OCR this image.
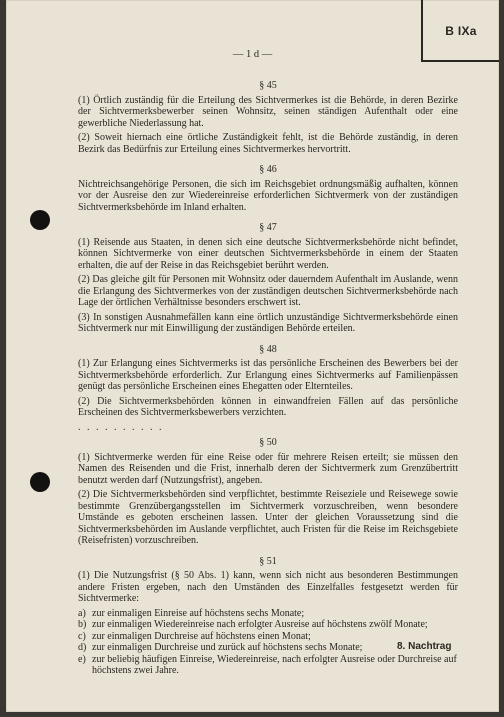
B IXa
— 1 d —
§ 45

(1) Örtlich zuständig für die Erteilung des Sichtvermerkes ist die Behörde, in deren Bezirke der Sichtvermerksbewerber seinen Wohnsitz, seinen ständigen Aufenthalt oder eine gewerbliche Niederlassung hat.

(2) Soweit hiernach eine örtliche Zuständigkeit fehlt, ist die Behörde zuständig, in deren Bezirk das Bedürfnis zur Erteilung eines Sichtvermerkes hervortritt.

§ 46

Nichtreichsangehörige Personen, die sich im Reichsgebiet ordnungsmäßig aufhalten, können vor der Ausreise den zur Wiedereinreise erforderlichen Sichtvermerk von der zuständigen Sichtvermerksbehörde im Inland erhalten.

§ 47

(1) Reisende aus Staaten, in denen sich eine deutsche Sichtvermerksbehörde nicht befindet, können Sichtvermerke von einer deutschen Sichtvermerksbehörde in einem der Staaten erhalten, die auf der Reise in das Reichsgebiet berührt werden.

(2) Das gleiche gilt für Personen mit Wohnsitz oder dauerndem Aufenthalt im Auslande, wenn die Erlangung des Sichtvermerkes von der zuständigen deutschen Sichtvermerksbehörde nach Lage der örtlichen Verhältnisse besonders erschwert ist.

(3) In sonstigen Ausnahmefällen kann eine örtlich unzuständige Sichtvermerksbehörde einen Sichtvermerk nur mit Einwilligung der zuständigen Behörde erteilen.

§ 48

(1) Zur Erlangung eines Sichtvermerks ist das persönliche Erscheinen des Bewerbers bei der Sichtvermerksbehörde erforderlich. Zur Erlangung eines Sichtvermerks auf Familienpässen genügt das persönliche Erscheinen eines Ehegatten oder Elternteiles.

(2) Die Sichtvermerksbehörden können in einwandfreien Fällen auf das persönliche Erscheinen des Sichtvermerksbewerbers verzichten.

. . . . . . . . . .
§ 50

(1) Sichtvermerke werden für eine Reise oder für mehrere Reisen erteilt; sie müssen den Namen des Reisenden und die Frist, innerhalb deren der Sichtvermerk zum Grenzübertritt benutzt werden darf (Nutzungsfrist), angeben.

(2) Die Sichtvermerksbehörden sind verpflichtet, bestimmte Reiseziele und Reisewege sowie bestimmte Grenzübergangsstellen im Sichtvermerk vorzuschreiben, wenn besondere Umstände es geboten erscheinen lassen. Unter der gleichen Voraussetzung sind die Sichtvermerksbehörden im Auslande verpflichtet, auch Fristen für die Reise im Reichsgebiete (Reisefristen) vorzuschreiben.

§ 51

(1) Die Nutzungsfrist (§ 50 Abs. 1) kann, wenn sich nicht aus besonderen Bestimmungen andere Fristen ergeben, nach den Umständen des Einzelfalles festgesetzt werden für Sichtvermerke:

a) zur einmaligen Einreise auf höchstens sechs Monate;
b) zur einmaligen Wiedereinreise nach erfolgter Ausreise auf höchstens zwölf Monate;
c) zur einmaligen Durchreise auf höchstens einen Monat;
d) zur einmaligen Durchreise und zurück auf höchstens sechs Monate;
e) zur beliebig häufigen Einreise, Wiedereinreise, nach erfolgter Ausreise oder Durchreise auf höchstens zwei Jahre.
8. Nachtrag
